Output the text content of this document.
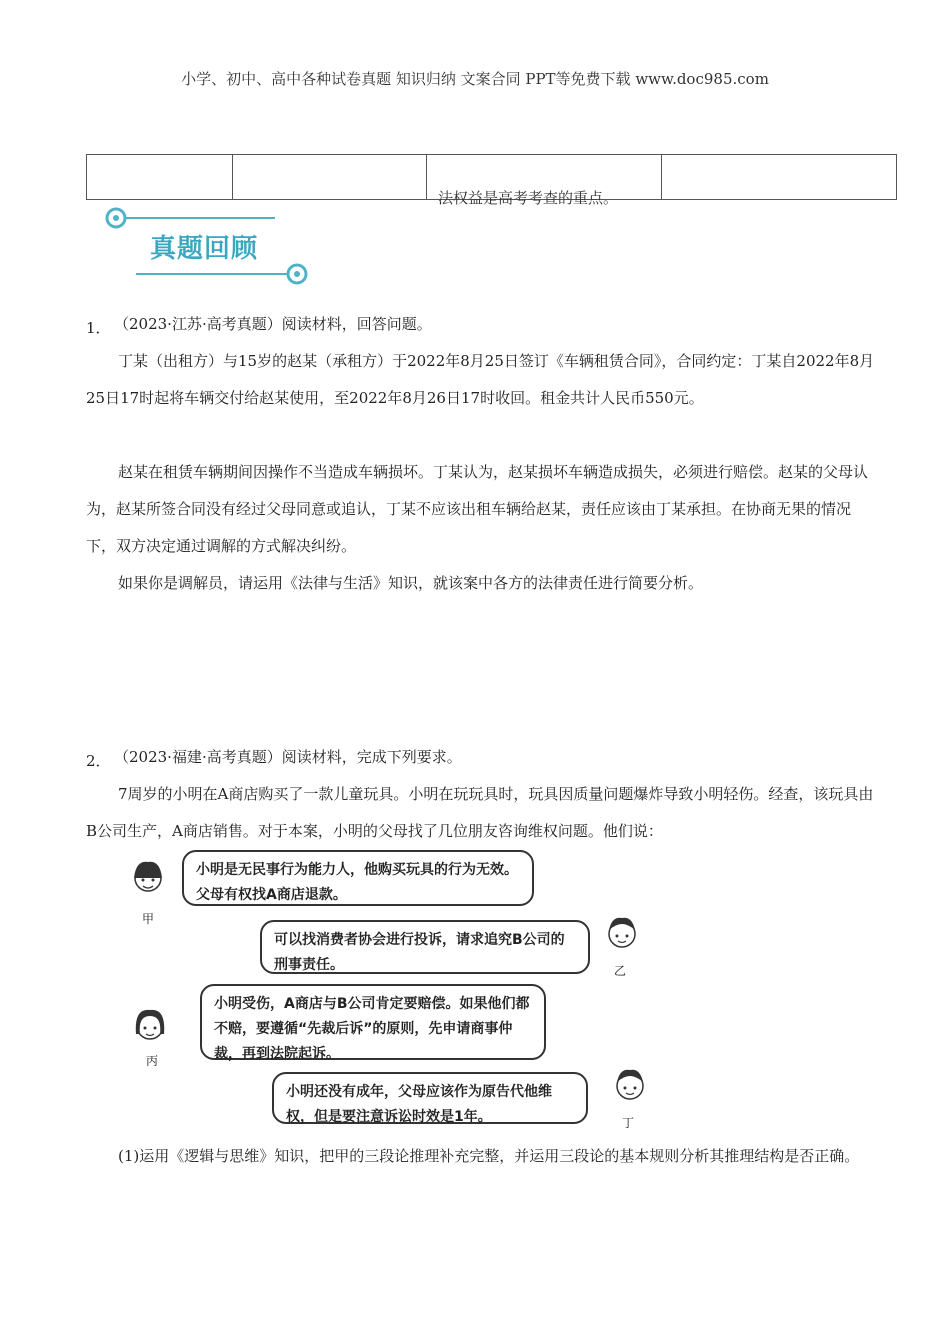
小学、初中、高中各种试卷真题 知识归纳 文案合同 PPT等免费下载 www.doc985.com
法权益是高考考查的重点。
真题回顾
1． （2023·江苏·高考真题）阅读材料，回答问题。
丁某（出租方）与15岁的赵某（承租方）于2022年8月25日签订《车辆租赁合同》，合同约定：丁某自2022年8月25日17时起将车辆交付给赵某使用，至2022年8月26日17时收回。租金共计人民币550元。
赵某在租赁车辆期间因操作不当造成车辆损坏。丁某认为，赵某损坏车辆造成损失，必须进行赔偿。赵某的父母认为，赵某所签合同没有经过父母同意或追认，丁某不应该出租车辆给赵某，责任应该由丁某承担。在协商无果的情况下，双方决定通过调解的方式解决纠纷。
如果你是调解员，请运用《法律与生活》知识，就该案中各方的法律责任进行简要分析。
2． （2023·福建·高考真题）阅读材料，完成下列要求。
7周岁的小明在A商店购买了一款儿童玩具。小明在玩玩具时，玩具因质量问题爆炸导致小明轻伤。经查，该玩具由B公司生产，A商店销售。对于本案，小明的父母找了几位朋友咨询维权问题。他们说：
甲
小明是无民事行为能力人，他购买玩具的行为无效。父母有权找A商店退款。
可以找消费者协会进行投诉，请求追究B公司的刑事责任。	乙
丙
小明受伤，A商店与B公司肯定要赔偿。如果他们都不赔，要遵循“先裁后诉”的原则，先申请商事仲裁，再到法院起诉。
小明还没有成年，父母应该作为原告代他维权，但是要注意诉讼时效是1年。	丁
(1)运用《逻辑与思维》知识，把甲的三段论推理补充完整，并运用三段论的基本规则分析其推理结构是否正确。
